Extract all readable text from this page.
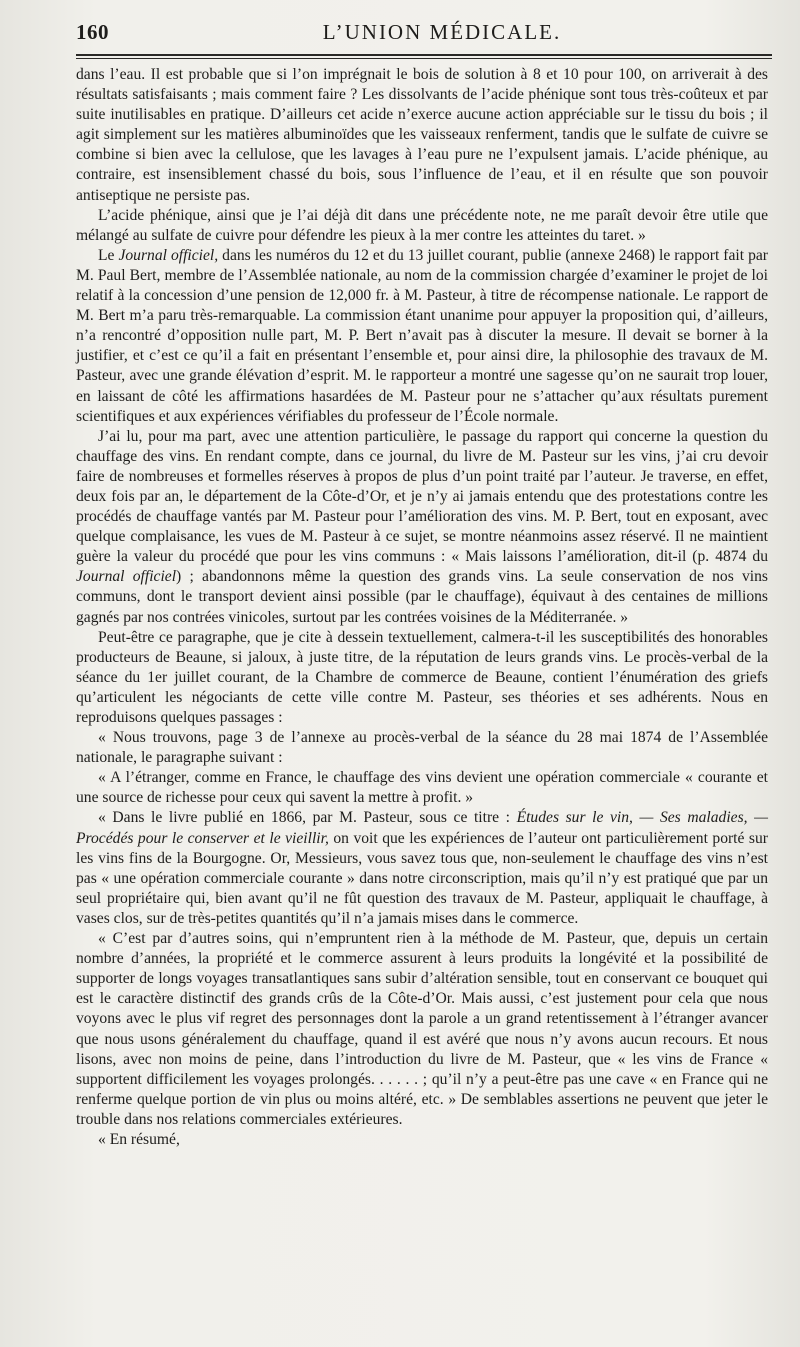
160	L’UNION MÉDICALE.

dans l’eau. Il est probable que si l’on imprégnait le bois de solution à 8 et 10 pour 100, on arriverait à des résultats satisfaisants ; mais comment faire ? Les dissolvants de l’acide phénique sont tous très-coûteux et par suite inutilisables en pratique. D’ailleurs cet acide n’exerce aucune action appréciable sur le tissu du bois ; il agit simplement sur les matières albuminoïdes que les vaisseaux renferment, tandis que le sulfate de cuivre se combine si bien avec la cellulose, que les lavages à l’eau pure ne l’expulsent jamais. L’acide phénique, au contraire, est insensiblement chassé du bois, sous l’influence de l’eau, et il en résulte que son pouvoir antiseptique ne persiste pas.

L’acide phénique, ainsi que je l’ai déjà dit dans une précédente note, ne me paraît devoir être utile que mélangé au sulfate de cuivre pour défendre les pieux à la mer contre les atteintes du taret. »

Le Journal officiel, dans les numéros du 12 et du 13 juillet courant, publie (annexe 2468) le rapport fait par M. Paul Bert, membre de l’Assemblée nationale, au nom de la commission chargée d’examiner le projet de loi relatif à la concession d’une pension de 12,000 fr. à M. Pasteur, à titre de récompense nationale. Le rapport de M. Bert m’a paru très-remarquable. La commission étant unanime pour appuyer la proposition qui, d’ailleurs, n’a rencontré d’opposition nulle part, M. P. Bert n’avait pas à discuter la mesure. Il devait se borner à la justifier, et c’est ce qu’il a fait en présentant l’ensemble et, pour ainsi dire, la philosophie des travaux de M. Pasteur, avec une grande élévation d’esprit. M. le rapporteur a montré une sagesse qu’on ne saurait trop louer, en laissant de côté les affirmations hasardées de M. Pasteur pour ne s’attacher qu’aux résultats purement scientifiques et aux expériences vérifiables du professeur de l’École normale.

J’ai lu, pour ma part, avec une attention particulière, le passage du rapport qui concerne la question du chauffage des vins. En rendant compte, dans ce journal, du livre de M. Pasteur sur les vins, j’ai cru devoir faire de nombreuses et formelles réserves à propos de plus d’un point traité par l’auteur. Je traverse, en effet, deux fois par an, le département de la Côte-d’Or, et je n’y ai jamais entendu que des protestations contre les procédés de chauffage vantés par M. Pasteur pour l’amélioration des vins. M. P. Bert, tout en exposant, avec quelque complaisance, les vues de M. Pasteur à ce sujet, se montre néanmoins assez réservé. Il ne maintient guère la valeur du procédé que pour les vins communs : « Mais laissons l’amélioration, dit-il (p. 4874 du Journal officiel) ; abandonnons même la question des grands vins. La seule conservation de nos vins communs, dont le transport devient ainsi possible (par le chauffage), équivaut à des centaines de millions gagnés par nos contrées vinicoles, surtout par les contrées voisines de la Méditerranée. »

Peut-être ce paragraphe, que je cite à dessein textuellement, calmera-t-il les susceptibilités des honorables producteurs de Beaune, si jaloux, à juste titre, de la réputation de leurs grands vins. Le procès-verbal de la séance du 1er juillet courant, de la Chambre de commerce de Beaune, contient l’énumération des griefs qu’articulent les négociants de cette ville contre M. Pasteur, ses théories et ses adhérents. Nous en reproduisons quelques passages :

« Nous trouvons, page 3 de l’annexe au procès-verbal de la séance du 28 mai 1874 de l’Assemblée nationale, le paragraphe suivant :

« A l’étranger, comme en France, le chauffage des vins devient une opération commerciale « courante et une source de richesse pour ceux qui savent la mettre à profit. »

« Dans le livre publié en 1866, par M. Pasteur, sous ce titre : Études sur le vin, — Ses maladies, — Procédés pour le conserver et le vieillir, on voit que les expériences de l’auteur ont particulièrement porté sur les vins fins de la Bourgogne. Or, Messieurs, vous savez tous que, non-seulement le chauffage des vins n’est pas « une opération commerciale courante » dans notre circonscription, mais qu’il n’y est pratiqué que par un seul propriétaire qui, bien avant qu’il ne fût question des travaux de M. Pasteur, appliquait le chauffage, à vases clos, sur de très-petites quantités qu’il n’a jamais mises dans le commerce.

« C’est par d’autres soins, qui n’empruntent rien à la méthode de M. Pasteur, que, depuis un certain nombre d’années, la propriété et le commerce assurent à leurs produits la longévité et la possibilité de supporter de longs voyages transatlantiques sans subir d’altération sensible, tout en conservant ce bouquet qui est le caractère distinctif des grands crûs de la Côte-d’Or. Mais aussi, c’est justement pour cela que nous voyons avec le plus vif regret des personnages dont la parole a un grand retentissement à l’étranger avancer que nous usons généralement du chauffage, quand il est avéré que nous n’y avons aucun recours. Et nous lisons, avec non moins de peine, dans l’introduction du livre de M. Pasteur, que « les vins de France « supportent difficilement les voyages prolongés. . . . . . ; qu’il n’y a peut-être pas une cave « en France qui ne renferme quelque portion de vin plus ou moins altéré, etc. » De semblables assertions ne peuvent que jeter le trouble dans nos relations commerciales extérieures.

« En résumé,
